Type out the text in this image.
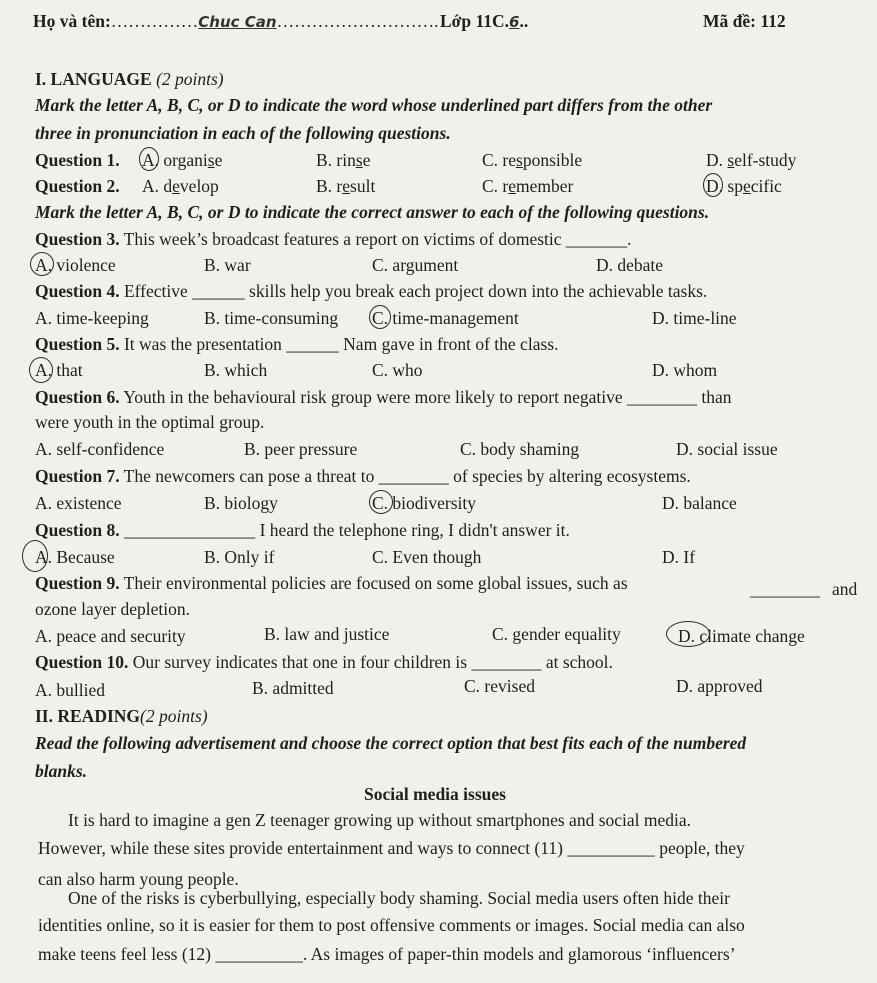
Họ và tên:……………Chuc Can………………………. Lớp 11C.6..	Mã đề: 112
I. LANGUAGE (2 points)
Mark the letter A, B, C, or D to indicate the word whose underlined part differs from the other
three in pronunciation in each of the following questions.
Question 1. A. organise	B. rinse	C. responsible	D. self-study
Question 2. A. develop	B. result	C. remember	D. specific
Mark the letter A, B, C, or D to indicate the correct answer to each of the following questions.
Question 3. This week’s broadcast features a report on victims of domestic _______.
A. violence	B. war	C. argument	D. debate
Question 4. Effective ______ skills help you break each project down into the achievable tasks.
A. time-keeping	B. time-consuming C. time-management	D. time-line
Question 5. It was the presentation ______ Nam gave in front of the class.
A. that	B. which	C. who	D. whom
Question 6. Youth in the behavioural risk group were more likely to report negative ________ than
were youth in the optimal group.
A. self-confidence	B. peer pressure	C. body shaming	D. social issue
Question 7. The newcomers can pose a threat to ________ of species by altering ecosystems.
A. existence	B. biology	C. biodiversity	D. balance
Question 8. _______________ I heard the telephone ring, I didn't answer it.
A. Because	B. Only if	C. Even though	D. If
Question 9. Their environmental policies are focused on some global issues, such as	________ and
ozone layer depletion.
A. peace and security	B. law and justice	C. gender equality	D. climate change
Question 10. Our survey indicates that one in four children is ________ at school.
A. bullied	B. admitted	C. revised	D. approved
II. READING(2 points)
Read the following advertisement and choose the correct option that best fits each of the numbered
blanks.
Social media issues
It is hard to imagine a gen Z teenager growing up without smartphones and social media.
However, while these sites provide entertainment and ways to connect (11) __________ people, they
can also harm young people.
One of the risks is cyberbullying, especially body shaming. Social media users often hide their
identities online, so it is easier for them to post offensive comments or images. Social media can also
make teens feel less (12) __________. As images of paper-thin models and glamorous ‘influencers’
